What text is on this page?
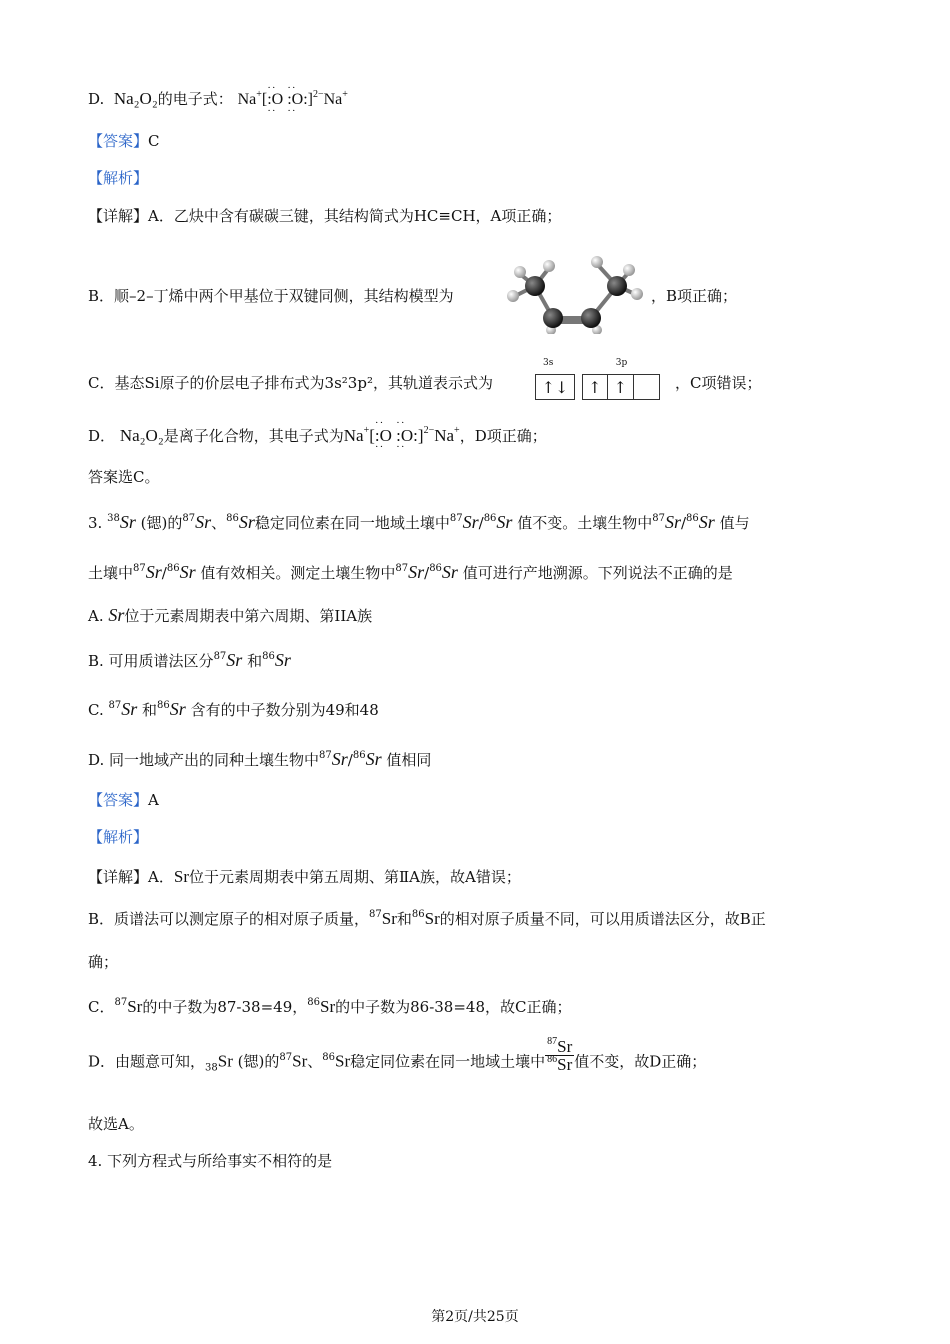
D. Na₂O₂的电子式： Na+[·· :O ·· ·· :O: ··]$^{2-}$Na+
【答案】C
【解析】
【详解】A．乙炔中含有碳碳三键，其结构简式为HC≡CH，A项正确；
B．顺–2–丁烯中两个甲基位于双键同侧，其结构模型为	，B项正确；
C．基态Si原子的价层电子排布式为3s²3p²，其轨道表示式为
3s
↑↓
3p
↑ ↑	，C项错误；
D． Na₂O₂是离子化合物，其电子式为Na+[·· :O ·· ·· :O: ··]$^{2-}$Na+，D项正确；
答案选C。
3. $^{38}$Sr (锶)的$^{87}$Sr、$^{86}$Sr稳定同位素在同一地域土壤中$^{87}$Sr/$^{86}$Sr 值不变。土壤生物中$^{87}$Sr/$^{86}$Sr 值与
土壤中$^{87}$Sr/$^{86}$Sr 值有效相关。测定土壤生物中$^{87}$Sr/$^{86}$Sr 值可进行产地溯源。下列说法不正确的是
A. Sr位于元素周期表中第六周期、第IIA族
B. 可用质谱法区分$^{87}$Sr 和$^{86}$Sr
C. $^{87}$Sr 和$^{86}$Sr 含有的中子数分别为49和48
D. 同一地域产出的同种土壤生物中$^{87}$Sr/$^{86}$Sr 值相同
【答案】A
【解析】
【详解】A．Sr位于元素周期表中第五周期、第ⅡA族，故A错误；
B．质谱法可以测定原子的相对原子质量，$^{87}$Sr和$^{86}$Sr的相对原子质量不同，可以用质谱法区分，故B正
确；
C．$^{87}$Sr的中子数为87-38=49，$^{86}$Sr的中子数为86-38=48，故C正确；
D．由题意可知，$_{38}$Sr (锶)的$^{87}$Sr、$^{86}$Sr稳定同位素在同一地域土壤中 $\frac{^{87}Sr}{^{86}Sr}$ 值不变，故D正确；
故选A。
4. 下列方程式与所给事实不相符的是
第2页/共25页
